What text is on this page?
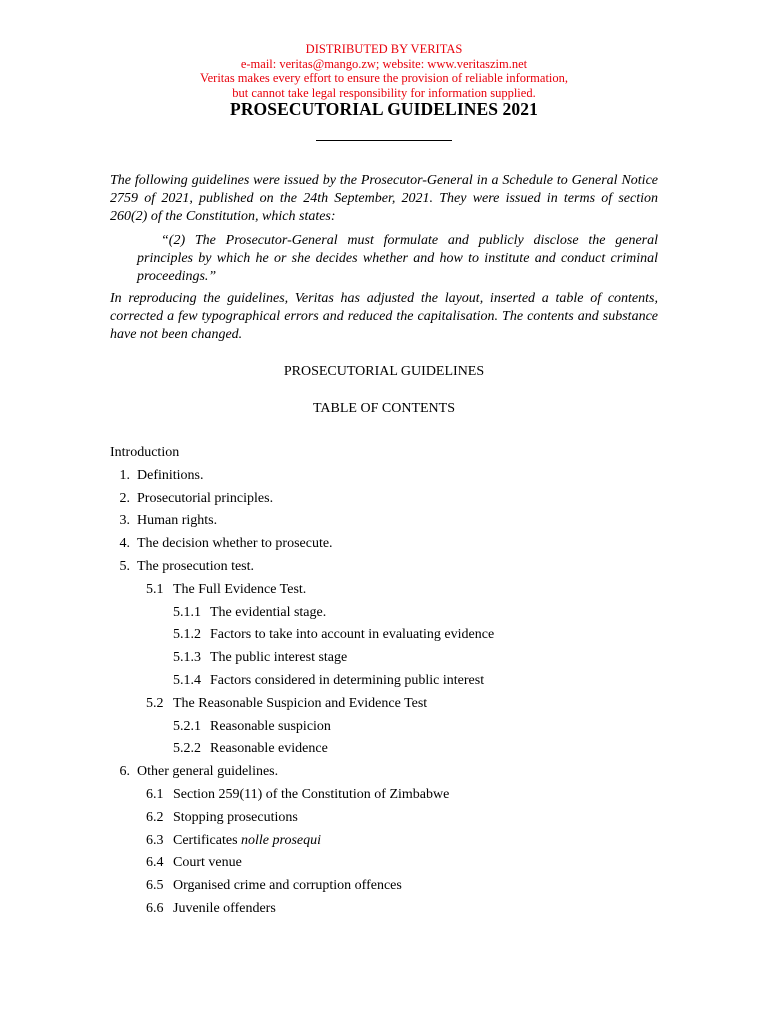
DISTRIBUTED BY VERITAS
e-mail: veritas@mango.zw; website: www.veritaszim.net
Veritas makes every effort to ensure the provision of reliable information,
but cannot take legal responsibility for information supplied.
PROSECUTORIAL GUIDELINES 2021

The following guidelines were issued by the Prosecutor-General in a Schedule to General Notice 2759 of 2021, published on the 24th September, 2021. They were issued in terms of section 260(2) of the Constitution, which states:

“(2) The Prosecutor-General must formulate and publicly disclose the general principles by which he or she decides whether and how to institute and conduct criminal proceedings.”

In reproducing the guidelines, Veritas has adjusted the layout, inserted a table of contents, corrected a few typographical errors and reduced the capitalisation. The contents and substance have not been changed.

PROSECUTORIAL GUIDELINES
TABLE OF CONTENTS
Introduction
1. Definitions.
2. Prosecutorial principles.
3. Human rights.
4. The decision whether to prosecute.
5. The prosecution test.
5.1 The Full Evidence Test.
5.1.1 The evidential stage.
5.1.2 Factors to take into account in evaluating evidence
5.1.3 The public interest stage
5.1.4 Factors considered in determining public interest
5.2 The Reasonable Suspicion and Evidence Test
5.2.1 Reasonable suspicion
5.2.2 Reasonable evidence
6. Other general guidelines.
6.1 Section 259(11) of the Constitution of Zimbabwe
6.2 Stopping prosecutions
6.3 Certificates nolle prosequi
6.4 Court venue
6.5 Organised crime and corruption offences
6.6 Juvenile offenders
